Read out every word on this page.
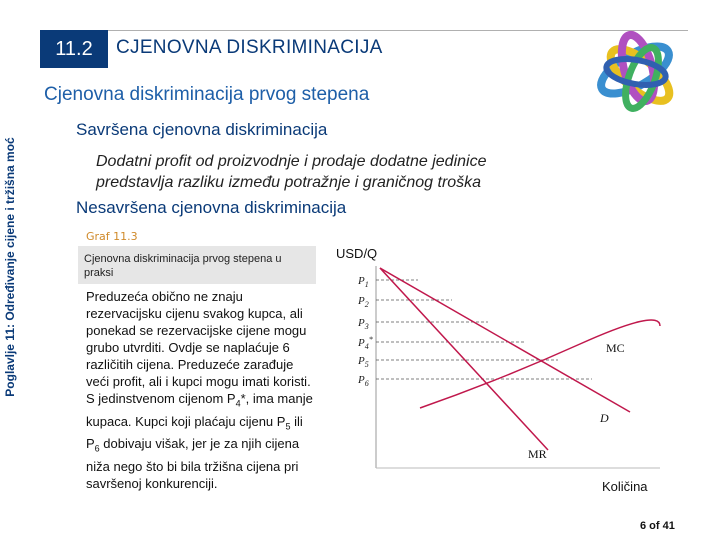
11.2	CJENOVNA DISKRIMINACIJA
Cjenovna diskriminacija prvog stepena
Poglavlje 11: Određivanje cijene i tržišna moć
Savršena cjenovna diskriminacija
Dodatni profit od proizvodnje i prodaje dodatne jedinice predstavlja razliku između potražnje i graničnog troška
Nesavršena cjenovna diskriminacija
Graf 11.3
Cjenovna diskriminacija prvog stepena u praksi
Preduzeća obično ne znaju rezervacijsku cijenu svakog kupca, ali ponekad se rezervacijske cijene mogu grubo utvrditi. Ovdje se naplaćuje 6 različitih cijena. Preduzeće zarađuje veći profit, ali i kupci mogu imati koristi. S jedinstvenom cijenom $P_4*$, ima manje kupaca. Kupci koji plaćaju cijenu $P_5$ ili $P_6$ dobivaju višak, jer je za njih cijena niža nego što bi bila tržišna cijena pri savršenoj konkurenciji.
USD/Q
$P_1$
$P_2$
$P_3$
$P_4^*$
$P_5$
$P_6$
MC
D
MR
Količina
6 of 41
